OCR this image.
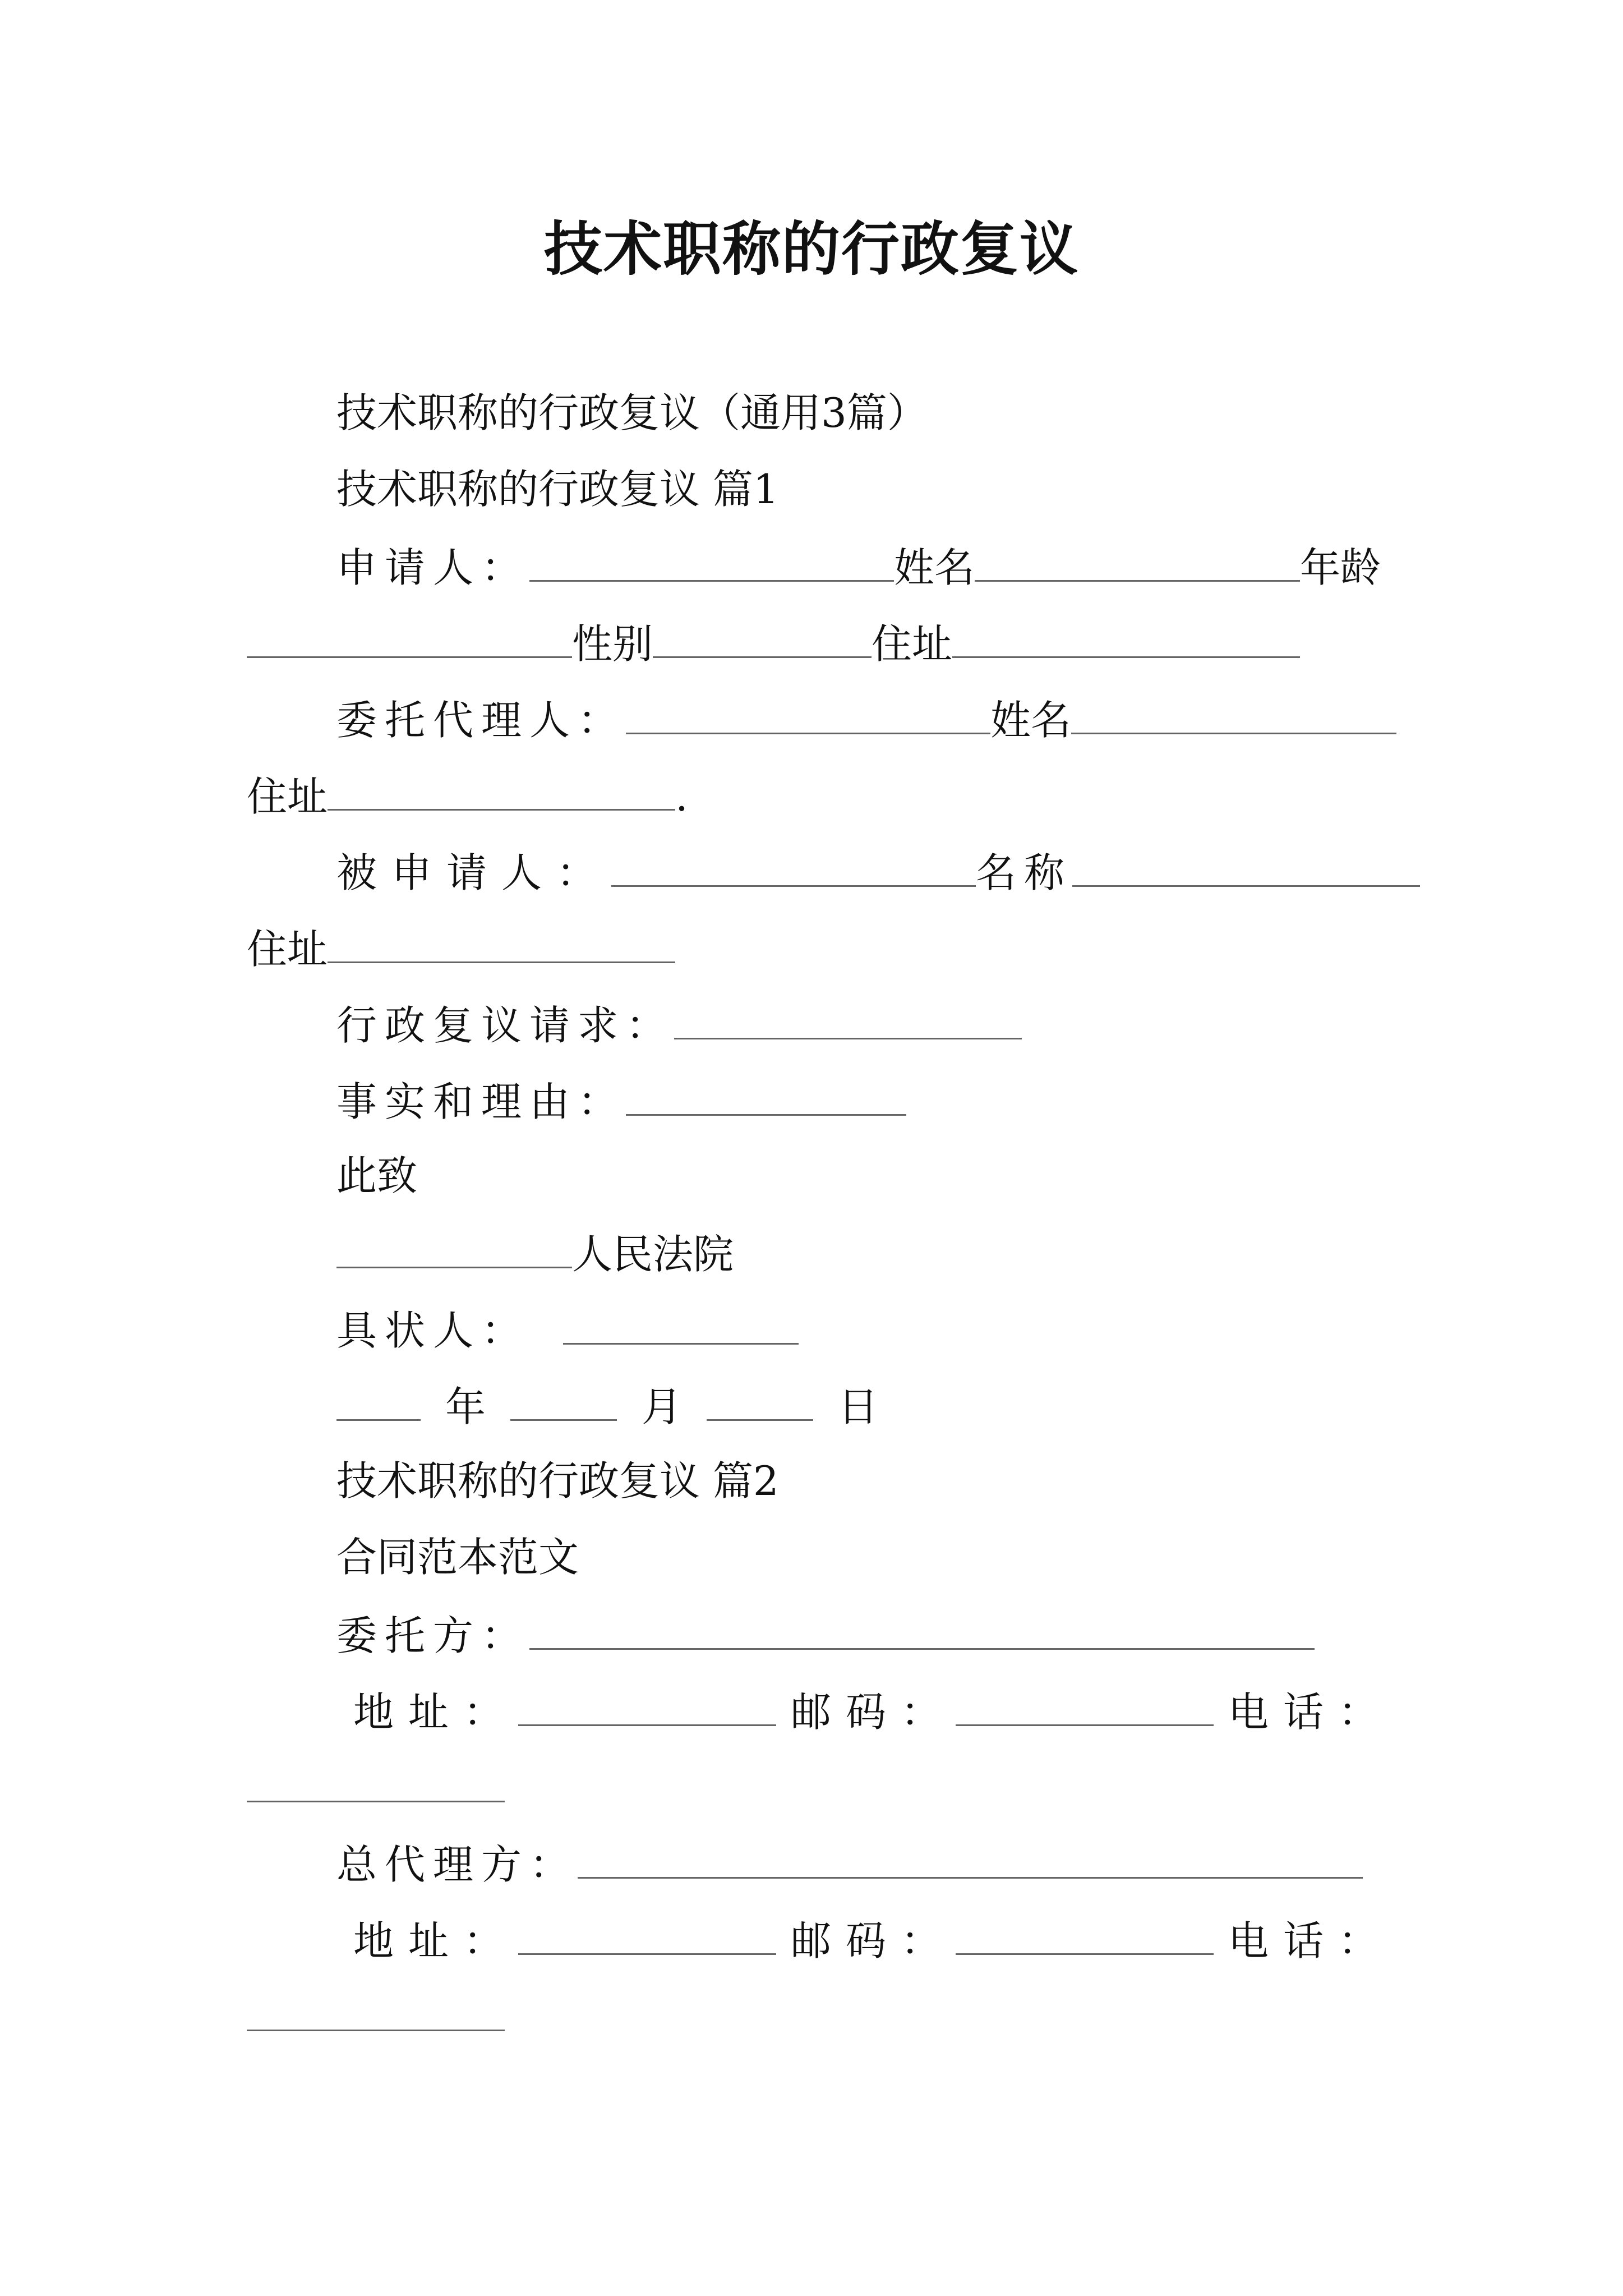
技术职称的行政复议
技术职称的行政复议（通用3篇）
技术职称的行政复议 篇1
申请人：	姓名	年龄
性别	住址
委托代理人：	姓名
住址	.
被申请人：	名称
住址
行政复议请求：
事实和理由：
此致
人民法院
具状人：
年	月	日
技术职称的行政复议 篇2
合同范本范文
委托方：
地址：	邮码：	电话：
总代理方：
地址：	邮码：	电话：
